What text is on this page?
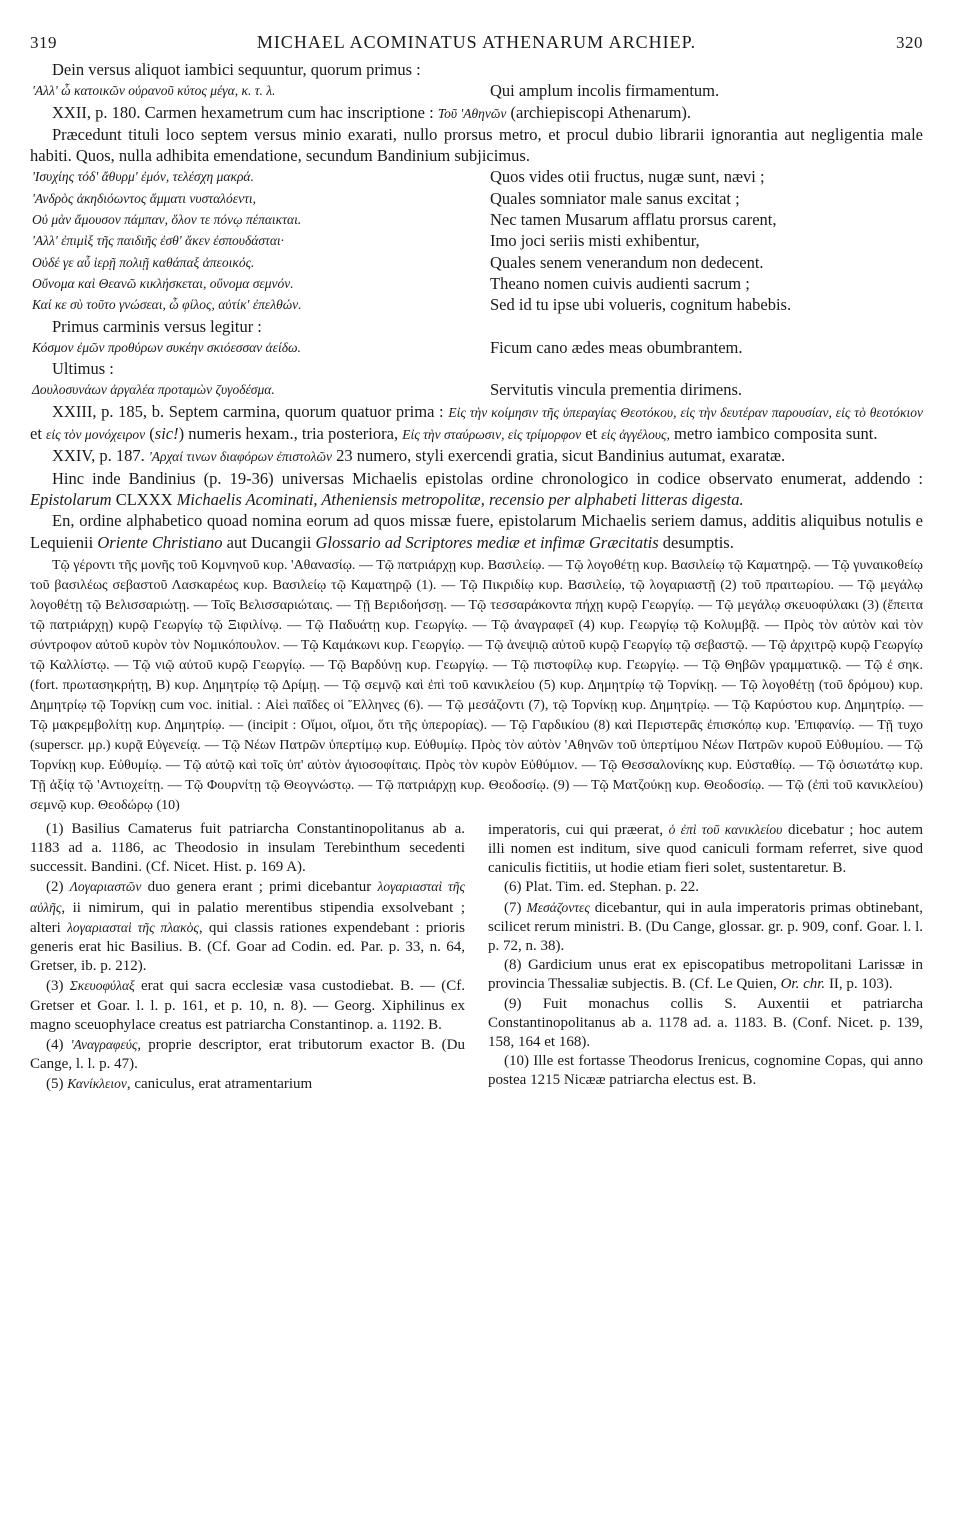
319	MICHAEL ACOMINATUS ATHENARUM ARCHIEP.	320

Dein versus aliquot iambici sequuntur, quorum primus :

'Αλλ' ὦ κατοικῶν οὐρανοῦ κύτος μέγα, κ. τ. λ.	Qui amplum incolis firmamentum.

XXII, p. 180. Carmen hexametrum cum hac inscriptione : Τοῦ 'Αθηνῶν (archiepiscopi Athenarum).

Præcedunt tituli loco septem versus minio exarati, nullo prorsus metro, et procul dubio librarii ignorantia aut negligentia male habiti. Quos, nulla adhibita emendatione, secundum Bandinium subjicimus.

'Ισυχίης τόδ' ἄθυρμ' ἐμόν, τελέσχη μακρά.	Quos vides otii fructus, nugæ sunt, nævi ;
'Ανδρὸς ἀκηδιόωντος ἅμματι νυσταλόεντι,	Quales somniator male sanus excitat ;
Οὐ μὰν ἄμουσον πάμπαν, ὅλον τε πόνῳ πέπαικται.	Nec tamen Musarum afflatu prorsus carent,
'Αλλ' ἐπιμὶξ τῆς παιδιῆς ἐσθ' ἄκεν ἐσπουδάσται·	Imo joci seriis misti exhibentur,
Οὐδέ γε αὖ ἱερῇ πολιῇ καθάπαξ ἀπεοικός.	Quales senem venerandum non dedecent.
Οὔνομα καὶ Θεανῶ κικλήσκεται, οὔνομα σεμνόν.	Theano nomen cuivis audienti sacrum ;
Καί κε σὺ τοῦτο γνώσεαι, ὦ φίλος, αὐτίκ' ἐπελθών.	Sed id tu ipse ubi volueris, cognitum habebis.

Primus carminis versus legitur :

Κόσμον ἐμῶν προθύρων συκέην σκιόεσσαν ἀείδω.	Ficum cano ædes meas obumbrantem.

Ultimus :

Δουλοσυνάων ἀργαλέα προταμὼν ζυγοδέσμα.	Servitutis vincula prementia dirimens.

XXIII, p. 185, b. Septem carmina, quorum quatuor prima : Εἰς τὴν κοίμησιν τῆς ὑπεραγίας Θεοτόκου, εἰς τὴν δευτέραν παρουσίαν, εἰς τὸ θεοτόκιον et εἰς τὸν μονόχειρον (sic!) numeris hexam., tria posteriora, Εἰς τὴν σταύρωσιν, εἰς τρίμορφον et εἰς ἀγγέλους, metro iambico composita sunt.

XXIV, p. 187. 'Αρχαί τινων διαφόρων ἐπιστολῶν 23 numero, styli exercendi gratia, sicut Bandinius autumat, exaratæ.

Hinc inde Bandinius (p. 19-36) universas Michaelis epistolas ordine chronologico in codice observato enumerat, addendo : Epistolarum CLXXX Michaelis Acominati, Atheniensis metropolitæ, recensio per alphabeti litteras digesta.

En, ordine alphabetico quoad nomina eorum ad quos missæ fuere, epistolarum Michaelis seriem damus, additis aliquibus notulis e Lequienii Oriente Christiano aut Ducangii Glossario ad Scriptores mediæ et infimæ Græcitatis desumptis.

Τῷ γέροντι τῆς μονῆς τοῦ Κομνηνοῦ κυρ. 'Αθανασίῳ. — Τῷ πατριάρχῃ κυρ. Βασιλείῳ. — Τῷ λογοθέτῃ κυρ. Βασιλείῳ τῷ Καματηρῷ. — Τῷ γυναικοθείῳ τοῦ βασιλέως σεβαστοῦ Λασκαρέως κυρ. Βασιλείῳ τῷ Καματηρῷ (1). — Τῷ Πικριδίῳ κυρ. Βασιλείῳ, τῷ λογαριαστῇ (2) τοῦ πραιτωρίου. — Τῷ μεγάλῳ λογοθέτῃ τῷ Βελισσαριώτῃ. — Τοῖς Βελισσαριώταις. — Τῇ Βεριδοήσσῃ. — Τῷ τεσσαράκοντα πήχῃ κυρῷ Γεωργίῳ. — Τῷ μεγάλῳ σκευοφύλακι (3) (ἔπειτα τῷ πατριάρχῃ) κυρῷ Γεωργίῳ τῷ Ξιφιλίνῳ. — Τῷ Παδυάτῃ κυρ. Γεωργίῳ. — Τῷ ἀναγραφεῖ (4) κυρ. Γεωργίῳ τῷ Κολυμβᾷ. — Πρὸς τὸν αὐτὸν καὶ τὸν σύντροφον αὐτοῦ κυρὸν τὸν Νομικόπουλον. — Τῷ Καμάκωνι κυρ. Γεωργίῳ. — Τῷ ἀνεψιῷ αὐτοῦ κυρῷ Γεωργίῳ τῷ σεβαστῷ. — Τῷ ἀρχιτρῷ κυρῷ Γεωργίῳ τῷ Καλλίστῳ. — Τῷ νιῷ αὐτοῦ κυρῷ Γεωργίῳ. — Τῷ Βαρδύνῃ κυρ. Γεωργίῳ. — Τῷ πιστοφίλῳ κυρ. Γεωργίῳ. — Τῷ Θηβῶν γραμματικῷ. — Τῷ ἐ σηκ. (fort. πρωτασηκρήτῃ, Β) κυρ. Δημητρίῳ τῷ Δρίμῃ. — Τῷ σεμνῷ καὶ ἐπὶ τοῦ κανικλείου (5) κυρ. Δημητρίῳ τῷ Τορνίκῃ. — Τῷ λογοθέτῃ (τοῦ δρόμου) κυρ. Δημητρίῳ τῷ Τορνίκῃ cum voc. initial. : Αἰεὶ παῖδες οἱ Ἕλληνες (6). — Τῷ μεσάζοντι (7), τῷ Τορνίκῃ κυρ. Δημητρίῳ. — Τῷ Καρύστου κυρ. Δημητρίῳ. — Τῷ μακρεμβολίτῃ κυρ. Δημητρίῳ. — (incipit : Οἴμοι, οἴμοι, ὅτι τῆς ὑπερορίας). — Τῷ Γαρδικίου (8) καὶ Περιστερᾶς ἐπισκόπῳ κυρ. 'Επιφανίῳ. — Τῇ τυχο (superscr. μρ.) κυρᾷ Εὐγενείᾳ. — Τῷ Νέων Πατρῶν ὑπερτίμῳ κυρ. Εὐθυμίῳ. Πρὸς τὸν αὐτὸν 'Αθηνῶν τοῦ ὑπερτίμου Νέων Πατρῶν κυροῦ Εὐθυμίου. — Τῷ Τορνίκῃ κυρ. Εὐθυμίῳ. — Τῷ αὐτῷ καὶ τοῖς ὑπ' αὐτὸν ἁγιοσοφίταις. Πρὸς τὸν κυρὸν Εὐθύμιον. — Τῷ Θεσσαλονίκης κυρ. Εὐσταθίῳ. — Τῷ ὁσιωτάτῳ κυρ. Τῇ ἀξίᾳ τῷ 'Αντιοχείτῃ. — Τῷ Φουρνίτῃ τῷ Θεογνώστῳ. — Τῷ πατριάρχῃ κυρ. Θεοδοσίῳ. (9) — Τῷ Ματζούκῃ κυρ. Θεοδοσίῳ. — Τῷ (ἐπὶ τοῦ κανικλείου) σεμνῷ κυρ. Θεοδώρῳ (10)

(1) Basilius Camaterus fuit patriarcha Constantinopolitanus ab a. 1183 ad a. 1186, ac Theodosio in insulam Terebinthum secedenti successit. Bandini. (Cf. Nicet. Hist. p. 169 A).

(2) Λογαριαστῶν duo genera erant ; primi dicebantur λογαριασταὶ τῆς αὐλῆς, ii nimirum, qui in palatio merentibus stipendia exsolvebant ; alteri λογαριασταὶ τῆς πλακὸς, qui classis rationes expendebant : prioris generis erat hic Basilius. B. (Cf. Goar ad Codin. ed. Par. p. 33, n. 64, Gretser, ib. p. 212).

(3) Σκευοφύλαξ erat qui sacra ecclesiæ vasa custodiebat. B. — (Cf. Gretser et Goar. l. l. p. 161, et p. 10, n. 8). — Georg. Xiphilinus ex magno sceuophylace creatus est patriarcha Constantinop. a. 1192. B.

(4) 'Αναγραφεύς, proprie descriptor, erat tributorum exactor B. (Du Cange, l. l. p. 47).

(5) Κανίκλειον, caniculus, erat atramentarium

imperatoris, cui qui præerat, ὁ ἐπὶ τοῦ κανικλείου dicebatur ; hoc autem illi nomen est inditum, sive quod caniculi formam referret, sive quod caniculis fictitiis, ut hodie etiam fieri solet, sustentaretur. B.

(6) Plat. Tim. ed. Stephan. p. 22.

(7) Μεσάζοντες dicebantur, qui in aula imperatoris primas obtinebant, scilicet rerum ministri. B. (Du Cange, glossar. gr. p. 909, conf. Goar. l. l. p. 72, n. 38).

(8) Gardicium unus erat ex episcopatibus metropolitani Larissæ in provincia Thessaliæ subjectis. B. (Cf. Le Quien, Or. chr. II, p. 103).

(9) Fuit monachus collis S. Auxentii et patriarcha Constantinopolitanus ab a. 1178 ad. a. 1183. B. (Conf. Nicet. p. 139, 158, 164 et 168).

(10) Ille est fortasse Theodorus Irenicus, cognomine Copas, qui anno postea 1215 Nicææ patriarcha electus est. B.
